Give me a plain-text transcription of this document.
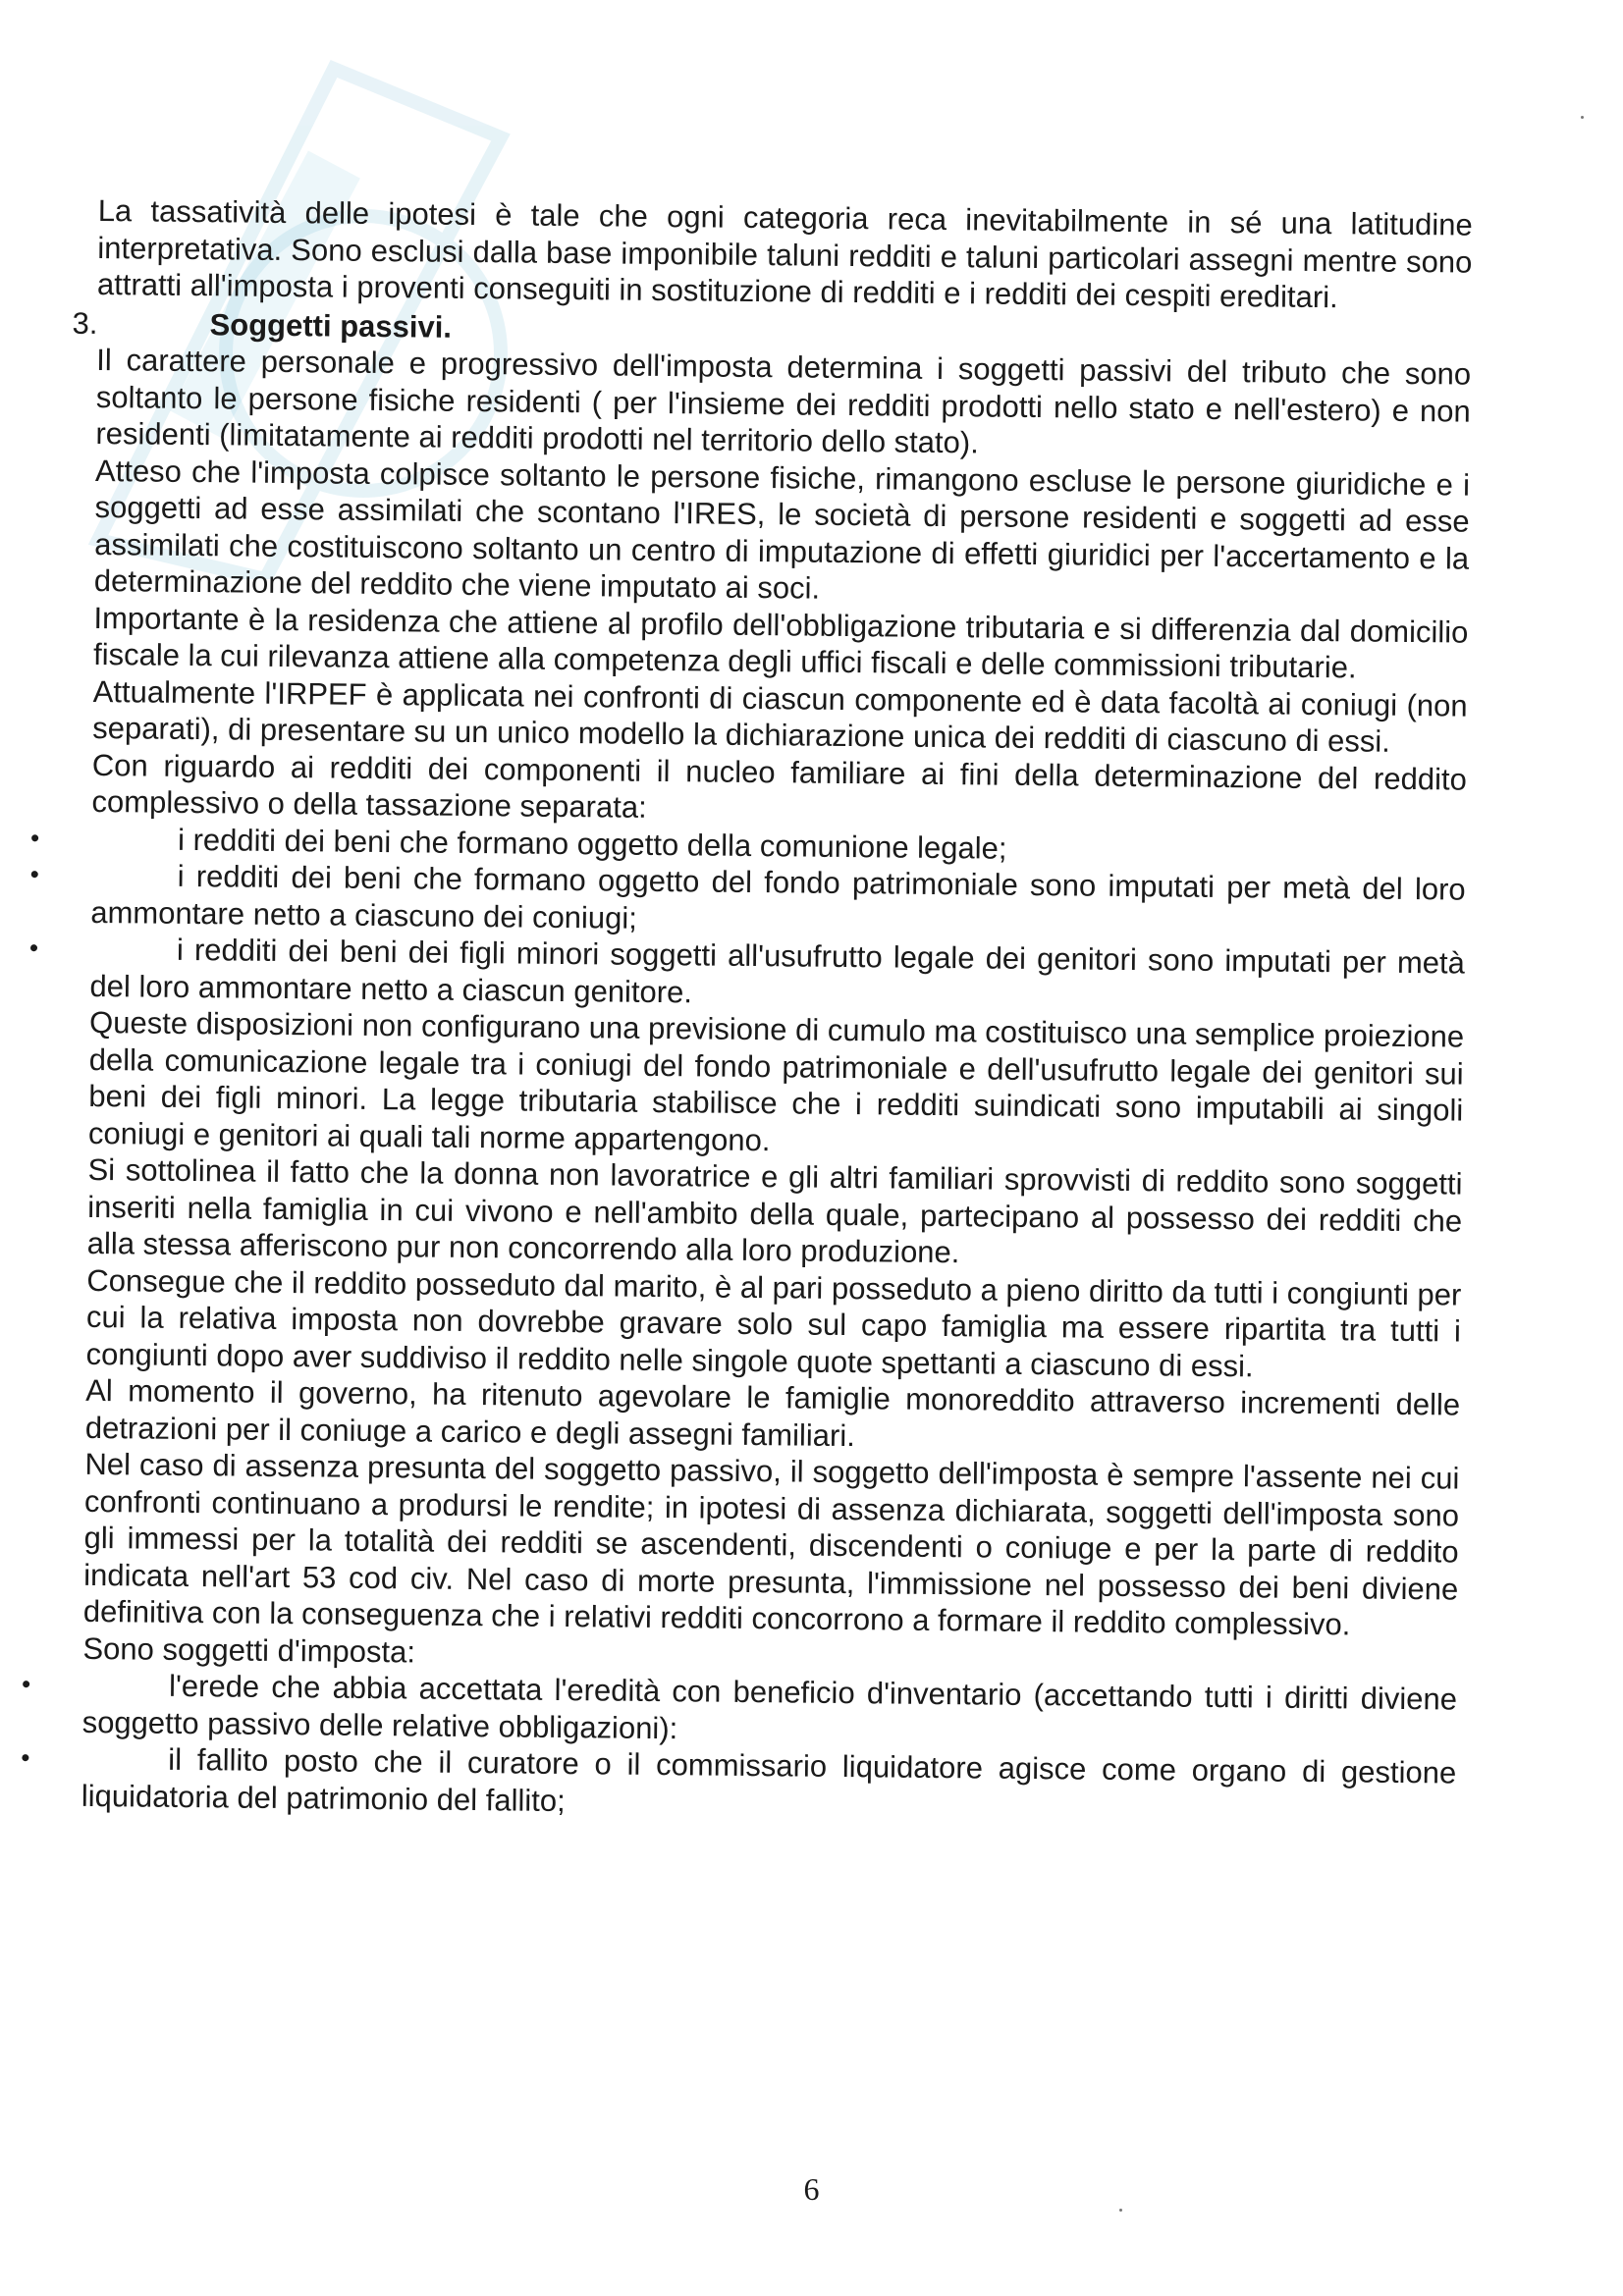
La tassatività delle ipotesi è tale che ogni categoria reca inevitabilmente in sé una latitudine interpretativa. Sono esclusi dalla base imponibile taluni redditi e taluni particolari assegni mentre sono attratti all'imposta i proventi conseguiti in sostituzione di redditi e i redditi dei cespiti ereditari.

3.	Soggetti passivi.

Il carattere personale e progressivo dell'imposta determina i soggetti passivi del tributo che sono soltanto le persone fisiche residenti ( per l'insieme dei redditi prodotti nello stato e nell'estero) e non residenti (limitatamente ai redditi prodotti nel territorio dello stato).

Atteso che l'imposta colpisce soltanto le persone fisiche, rimangono escluse le persone giuridiche e i soggetti ad esse assimilati che scontano l'IRES, le società di persone residenti e soggetti ad esse assimilati che costituiscono soltanto un centro di imputazione di effetti giuridici per l'accertamento e la determinazione del reddito che viene imputato ai soci.

Importante è la residenza che attiene al profilo dell'obbligazione tributaria e si differenzia dal domicilio fiscale la cui rilevanza attiene alla competenza degli uffici fiscali e delle commissioni tributarie.

Attualmente l'IRPEF è applicata nei confronti di ciascun componente ed è data facoltà ai coniugi (non separati), di presentare su un unico modello la dichiarazione unica dei redditi di ciascuno di essi.

Con riguardo ai redditi dei componenti il nucleo familiare ai fini della determinazione del reddito complessivo o della tassazione separata:

•	i redditi dei beni che formano oggetto della comunione legale;
•	i redditi dei beni che formano oggetto del fondo patrimoniale sono imputati per metà del loro ammontare netto a ciascuno dei coniugi;
•	i redditi dei beni dei figli minori soggetti all'usufrutto legale dei genitori sono imputati per metà del loro ammontare netto a ciascun genitore.

Queste disposizioni non configurano una previsione di cumulo ma costituisco una semplice proiezione della comunicazione legale tra i coniugi del fondo patrimoniale e dell'usufrutto legale dei genitori sui beni dei figli minori. La legge tributaria stabilisce che i redditi suindicati sono imputabili ai singoli coniugi e genitori ai quali tali norme appartengono.

Si sottolinea il fatto che la donna non lavoratrice e gli altri familiari sprovvisti di reddito sono soggetti inseriti nella famiglia in cui vivono e nell'ambito della quale, partecipano al possesso dei redditi che alla stessa afferiscono pur non concorrendo alla loro produzione.

Consegue che il reddito posseduto dal marito, è al pari posseduto a pieno diritto da tutti i congiunti per cui la relativa imposta non dovrebbe gravare solo sul capo famiglia ma essere ripartita tra tutti i congiunti dopo aver suddiviso il reddito nelle singole quote spettanti a ciascuno di essi.

Al momento il governo, ha ritenuto agevolare le famiglie monoreddito attraverso incrementi delle detrazioni per il coniuge a carico e degli assegni familiari.

Nel caso di assenza presunta del soggetto passivo, il soggetto dell'imposta è sempre l'assente nei cui confronti continuano a prodursi le rendite; in ipotesi di assenza dichiarata, soggetti dell'imposta sono gli immessi per la totalità dei redditi se ascendenti, discendenti o coniuge e per la parte di reddito indicata nell'art 53 cod civ. Nel caso di morte presunta, l'immissione nel possesso dei beni diviene definitiva con la conseguenza che i relativi redditi concorrono a formare il reddito complessivo.

Sono soggetti d'imposta:

•	l'erede che abbia accettata l'eredità con beneficio d'inventario (accettando tutti i diritti diviene soggetto passivo delle relative obbligazioni):
•	il fallito posto che il curatore o il commissario liquidatore agisce come organo di gestione liquidatoria del patrimonio del fallito;
6
